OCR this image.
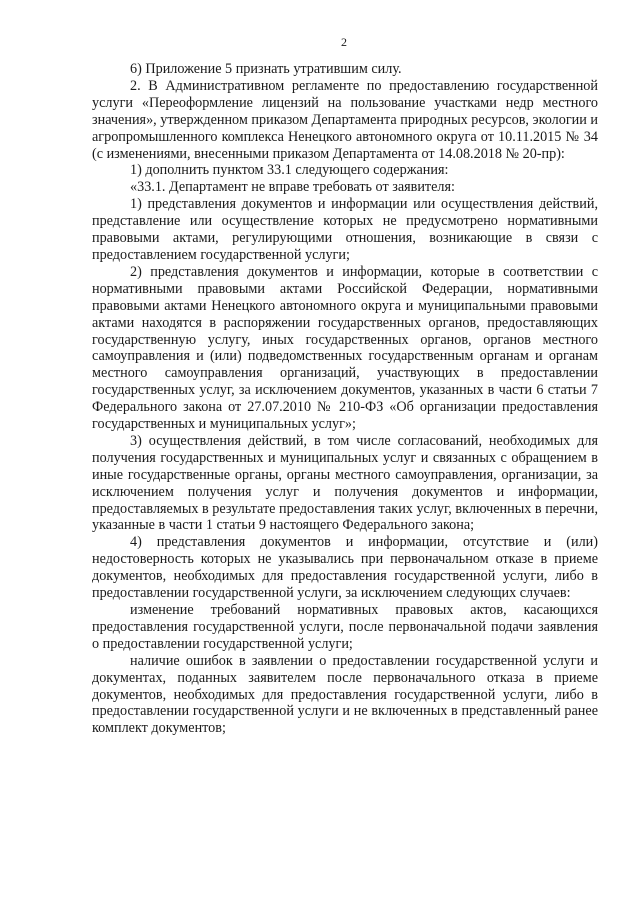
2

6) Приложение 5 признать утратившим силу.

2. В Административном регламенте по предоставлению государственной услуги «Переоформление лицензий на пользование участками недр местного значения», утвержденном приказом Департамента природных ресурсов, экологии и агропромышленного комплекса Ненецкого автономного округа от 10.11.2015 № 34 (с изменениями, внесенными приказом Департамента от 14.08.2018 № 20-пр):

1) дополнить пунктом 33.1 следующего содержания:

«33.1. Департамент не вправе требовать от заявителя:

1) представления документов и информации или осуществления действий, представление или осуществление которых не предусмотрено нормативными правовыми актами, регулирующими отношения, возникающие в связи с предоставлением государственной услуги;

2) представления документов и информации, которые в соответствии с нормативными правовыми актами Российской Федерации, нормативными правовыми актами Ненецкого автономного округа и муниципальными правовыми актами находятся в распоряжении государственных органов, предоставляющих государственную услугу, иных государственных органов, органов местного самоуправления и (или) подведомственных государственным органам и органам местного самоуправления организаций, участвующих в предоставлении государственных услуг, за исключением документов, указанных в части 6 статьи 7 Федерального закона от 27.07.2010 № 210-ФЗ «Об организации предоставления государственных и муниципальных услуг»;

3) осуществления действий, в том числе согласований, необходимых для получения государственных и муниципальных услуг и связанных с обращением в иные государственные органы, органы местного самоуправления, организации, за исключением получения услуг и получения документов и информации, предоставляемых в результате предоставления таких услуг, включенных в перечни, указанные в части 1 статьи 9 настоящего Федерального закона;

4) представления документов и информации, отсутствие и (или) недостоверность которых не указывались при первоначальном отказе в приеме документов, необходимых для предоставления государственной услуги, либо в предоставлении государственной услуги, за исключением следующих случаев:

изменение требований нормативных правовых актов, касающихся предоставления государственной услуги, после первоначальной подачи заявления о предоставлении государственной услуги;

наличие ошибок в заявлении о предоставлении государственной услуги и документах, поданных заявителем после первоначального отказа в приеме документов, необходимых для предоставления государственной услуги, либо в предоставлении государственной услуги и не включенных в представленный ранее комплект документов;
